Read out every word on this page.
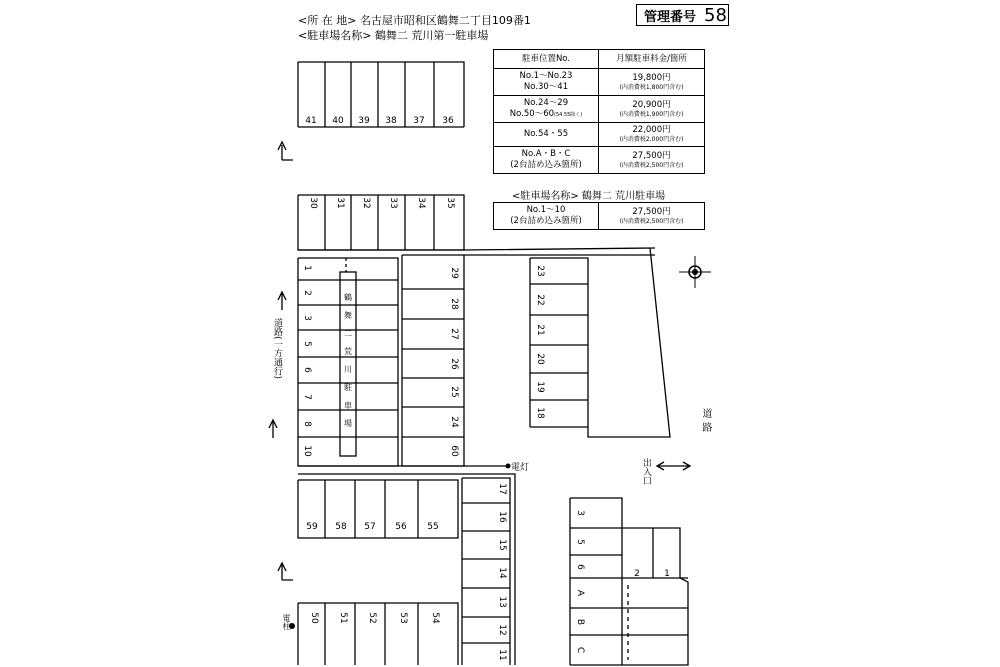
<所 在 地> 名古屋市昭和区鶴舞二丁目109番1
<駐車場名称> 鶴舞二 荒川第一駐車場
管理番号 58
駐車位置No.	月額駐車料金/箇所
No.1～No.23
No.30～41	19,800円
(内消費税1,800円含む)

No.24～29
No.50～60(54.55除く)	20,900円
(内消費税1,900円含む)

No.54・55	22,000円
(内消費税2,000円含む)

No.A・B・C
(2台詰め込み箇所)	27,500円
(内消費税2,500円含む)
<駐車場名称> 鶴舞二 荒川駐車場
No.1～10
(2台詰め込み箇所)	27,500円
(内消費税2,500円含む)
41 40 39 38 37 36
30 31 32 33 34 35
1
2
3
5
6
7
8
10
29
28
27
26
25
24
60
23
22
21
20
19
18
59 58 57 56 55
50 51 52 53 54
17
16
15
14
13
12
11
3
5
6
A
B
C
2	1
鶴
舞
二
荒
川
駐
車
場
道路(一方通行)
道路
出入口
電灯
電柱
